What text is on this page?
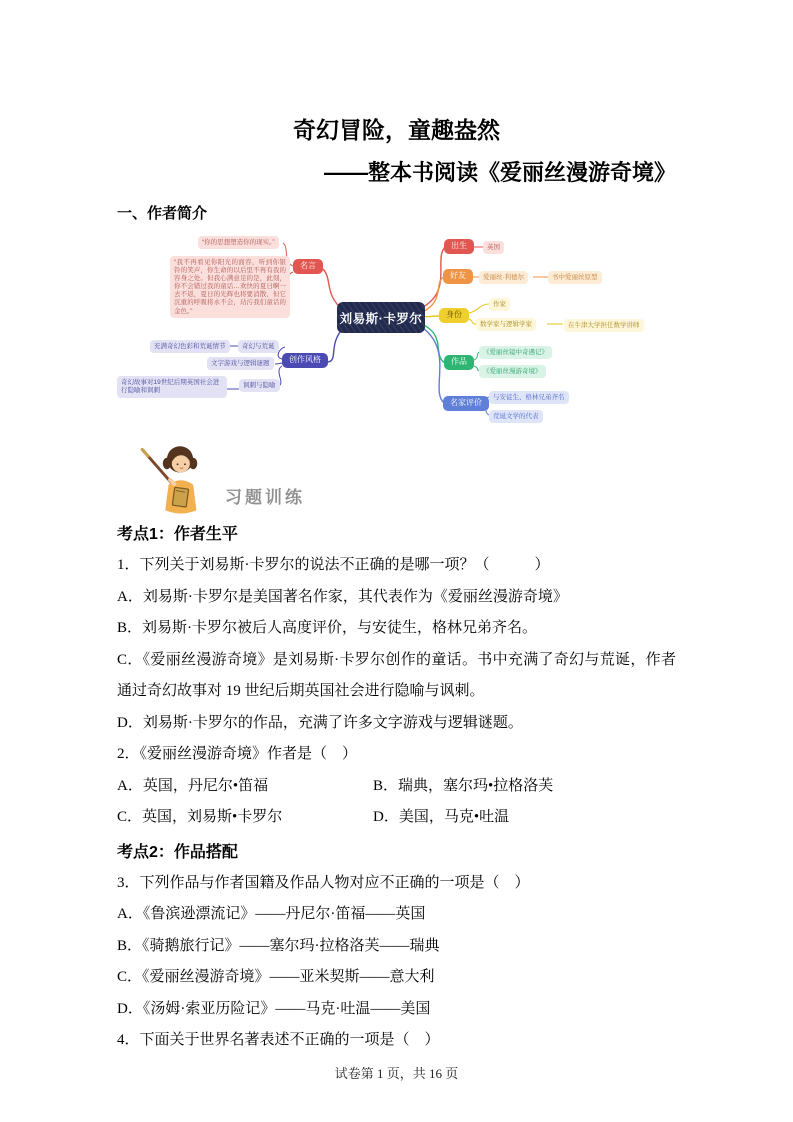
奇幻冒险，童趣盎然
——整本书阅读《爱丽丝漫游奇境》
一、作者简介
“你的思想塑造你的现实。”
“我不再看见你阳光的面容，听到你银铃的笑声，你生命的以后里不再有我的容身之处。但我心满意足的是，此刻，你不会错过我的童话…欢快的夏日啊一去不返，夏日的光辉也将要消散，但它沉重的呼吸将永不会，玷污我们童话的金色。”
名言
充满奇幻色彩和荒诞情节	奇幻与荒诞
文字游戏与逻辑谜题	创作风格
讽刺与隐喻
奇幻故事对19世纪后期英国社会进行隐喻和讽刺
刘易斯·卡罗尔
出生	英国
好友	爱丽丝·利德尔	书中爱丽丝原型
身份
作家
数学家与逻辑学家	在牛津大学担任数学讲师
作品
《爱丽丝镜中奇遇记》
《爱丽丝漫游奇境》
名家评价
与安徒生、格林兄弟齐名
荒诞文学的代表
习题训练
考点1：作者生平

1．下列关于刘易斯·卡罗尔的说法不正确的是哪一项？（　　　）

A．刘易斯·卡罗尔是美国著名作家，其代表作为《爱丽丝漫游奇境》

B．刘易斯·卡罗尔被后人高度评价，与安徒生，格林兄弟齐名。

C．《爱丽丝漫游奇境》是刘易斯·卡罗尔创作的童话。书中充满了奇幻与荒诞，作者通过奇幻故事对 19 世纪后期英国社会进行隐喻与讽刺。

D．刘易斯·卡罗尔的作品，充满了许多文字游戏与逻辑谜题。

2．《爱丽丝漫游奇境》作者是（　）

A．英国，丹尼尔•笛福	B．瑞典，塞尔玛•拉格洛芙

C．英国，刘易斯•卡罗尔	D．美国，马克•吐温

考点2：作品搭配

3．下列作品与作者国籍及作品人物对应不正确的一项是（　）

A．《鲁滨逊漂流记》——丹尼尔·笛福——英国

B．《骑鹅旅行记》——塞尔玛·拉格洛芙——瑞典

C．《爱丽丝漫游奇境》——亚米契斯——意大利

D．《汤姆·索亚历险记》——马克·吐温——美国

4．下面关于世界名著表述不正确的一项是（　）

试卷第 1 页，共 16 页
